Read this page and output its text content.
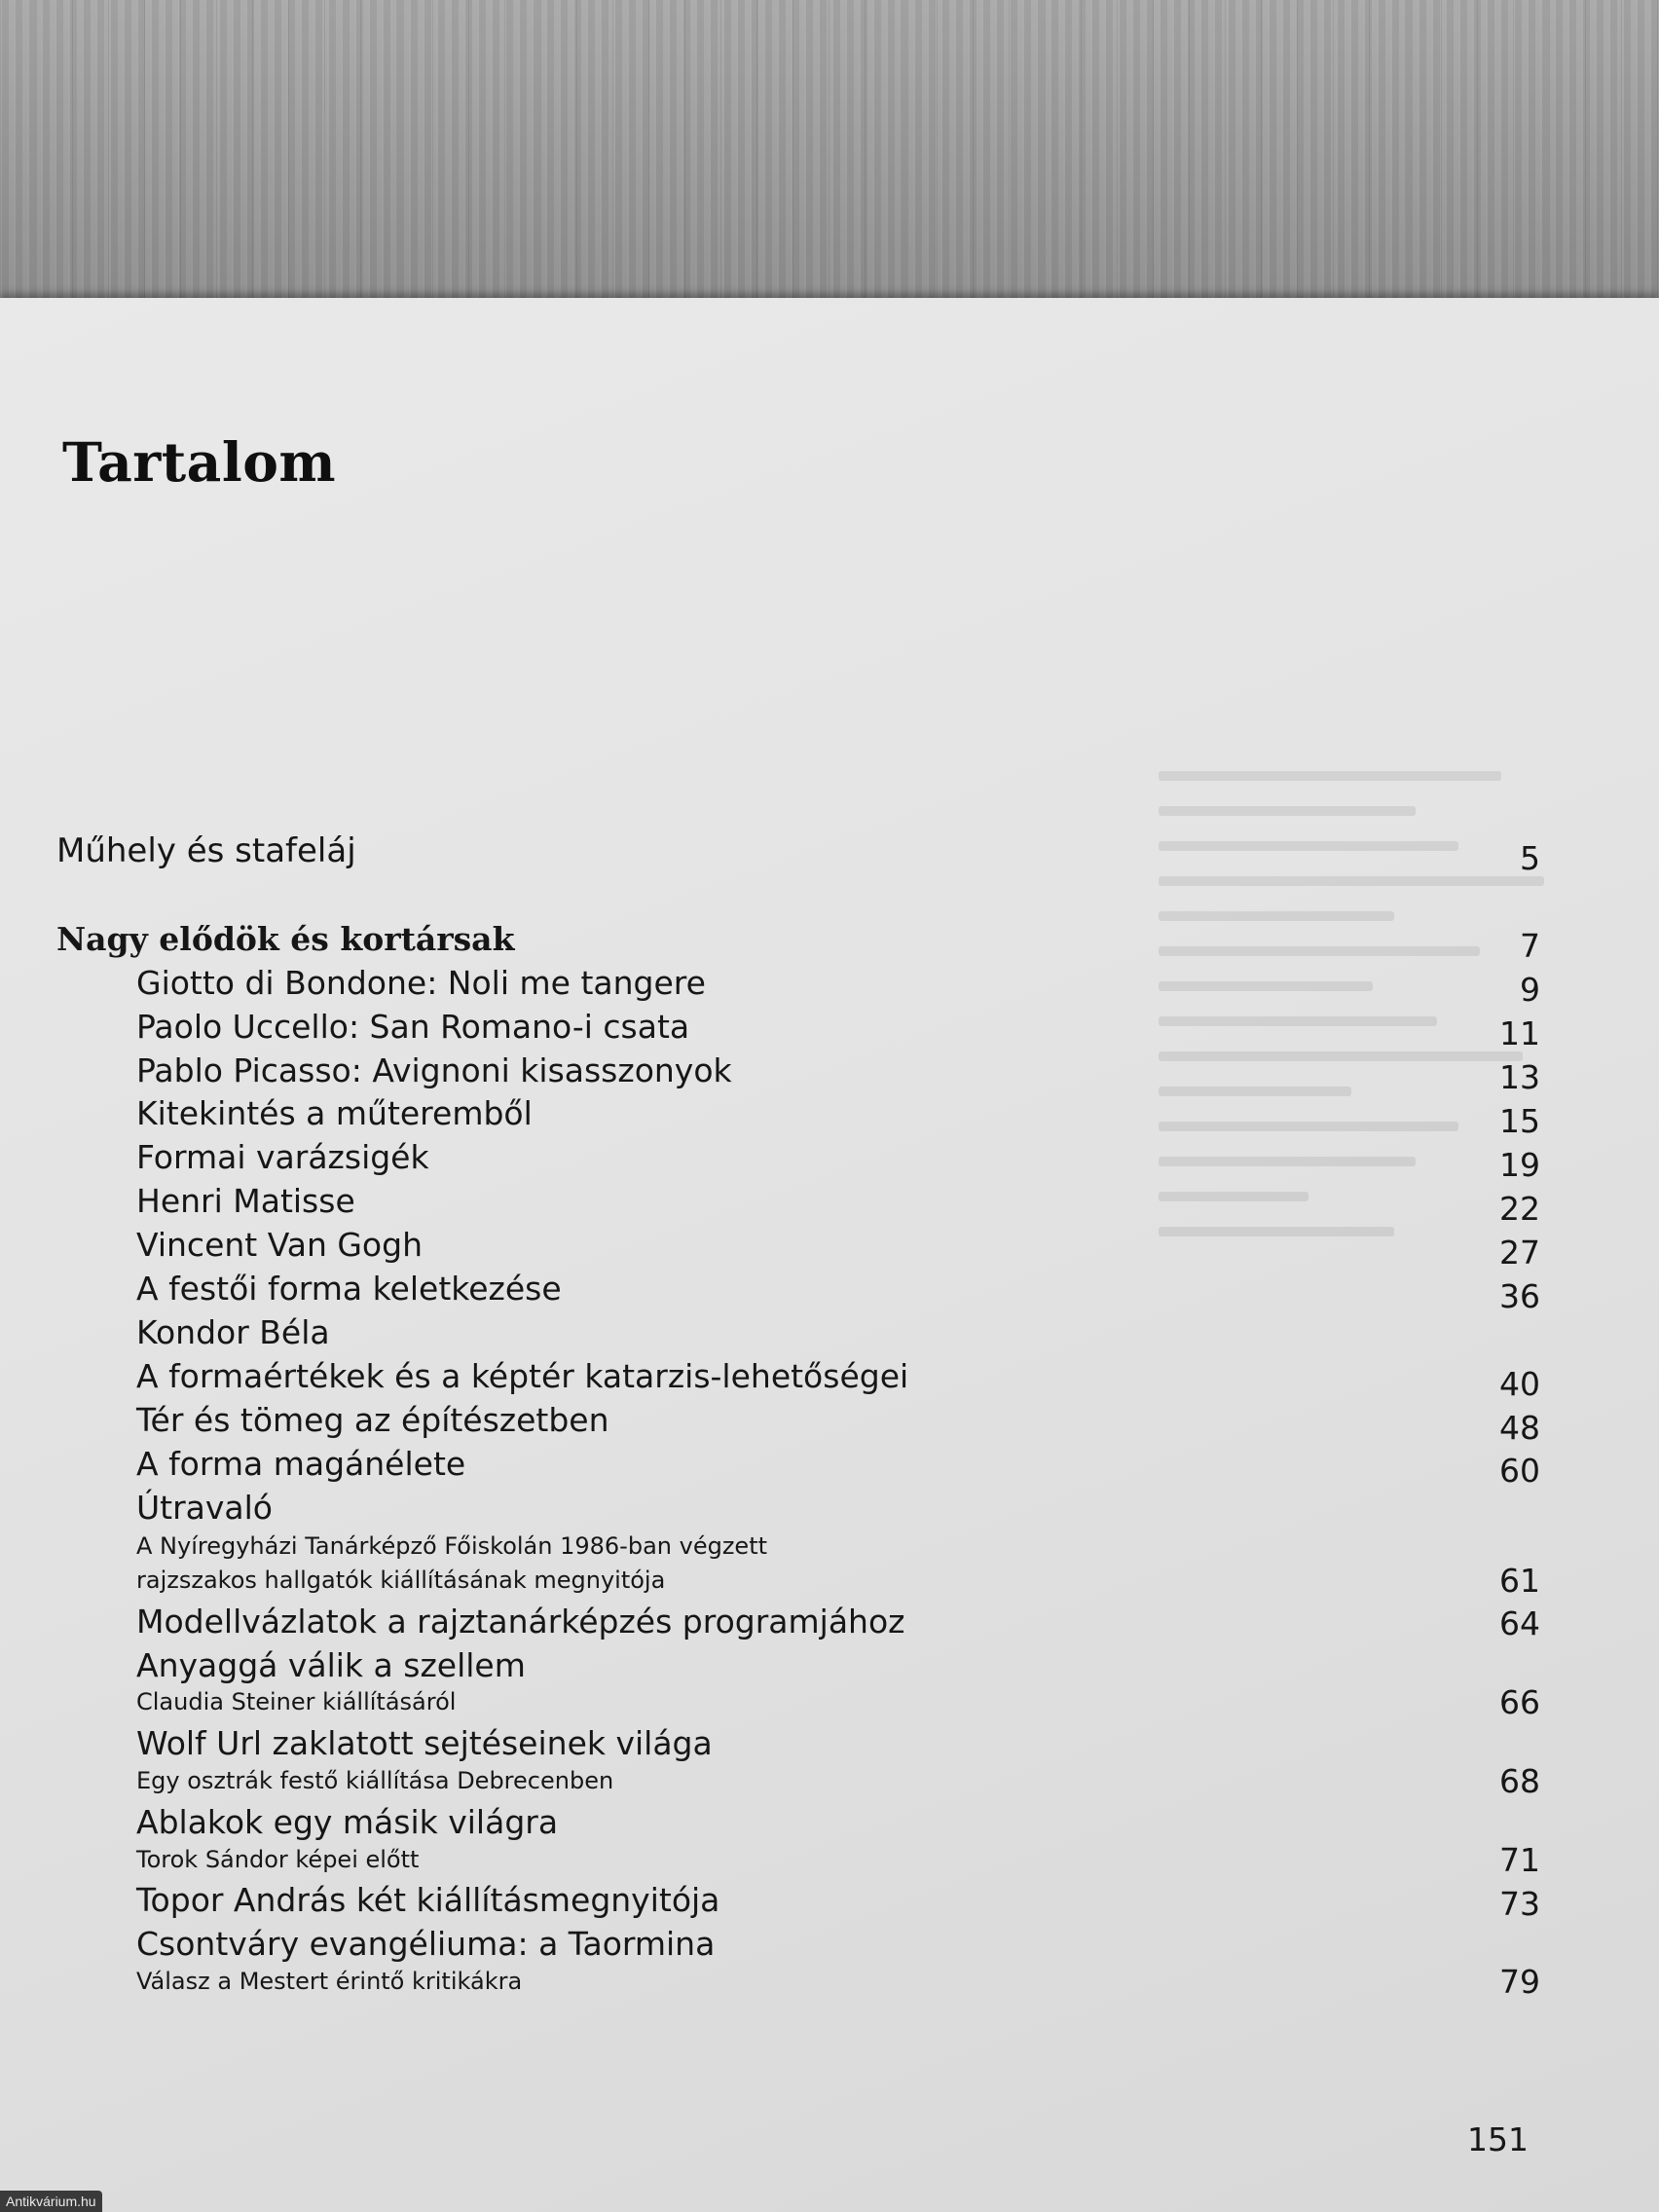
Tartalom
Műhely és stafeláj	5
Nagy elődök és kortársak	7
Giotto di Bondone: Noli me tangere	9
Paolo Uccello: San Romano-i csata	11
Pablo Picasso: Avignoni kisasszonyok	13
Kitekintés a műteremből	15
Formai varázsigék	19
Henri Matisse	22
Vincent Van Gogh	27
A festői forma keletkezése	36
Kondor Béla
A formaértékek és a képtér katarzis-lehetőségei	40
Tér és tömeg az építészetben	48
A forma magánélete	60
Útravaló
A Nyíregyházi Tanárképző Főiskolán 1986-ban végzett
rajzszakos hallgatók kiállításának megnyitója	61
Modellvázlatok a rajztanárképzés programjához	64
Anyaggá válik a szellem
Claudia Steiner kiállításáról	66
Wolf Url zaklatott sejtéseinek világa
Egy osztrák festő kiállítása Debrecenben	68
Ablakok egy másik világra
Torok Sándor képei előtt	71
Topor András két kiállításmegnyitója	73
Csontváry evangéliuma: a Taormina
Válasz a Mestert érintő kritikákra	79
151
Antikvárium.hu
